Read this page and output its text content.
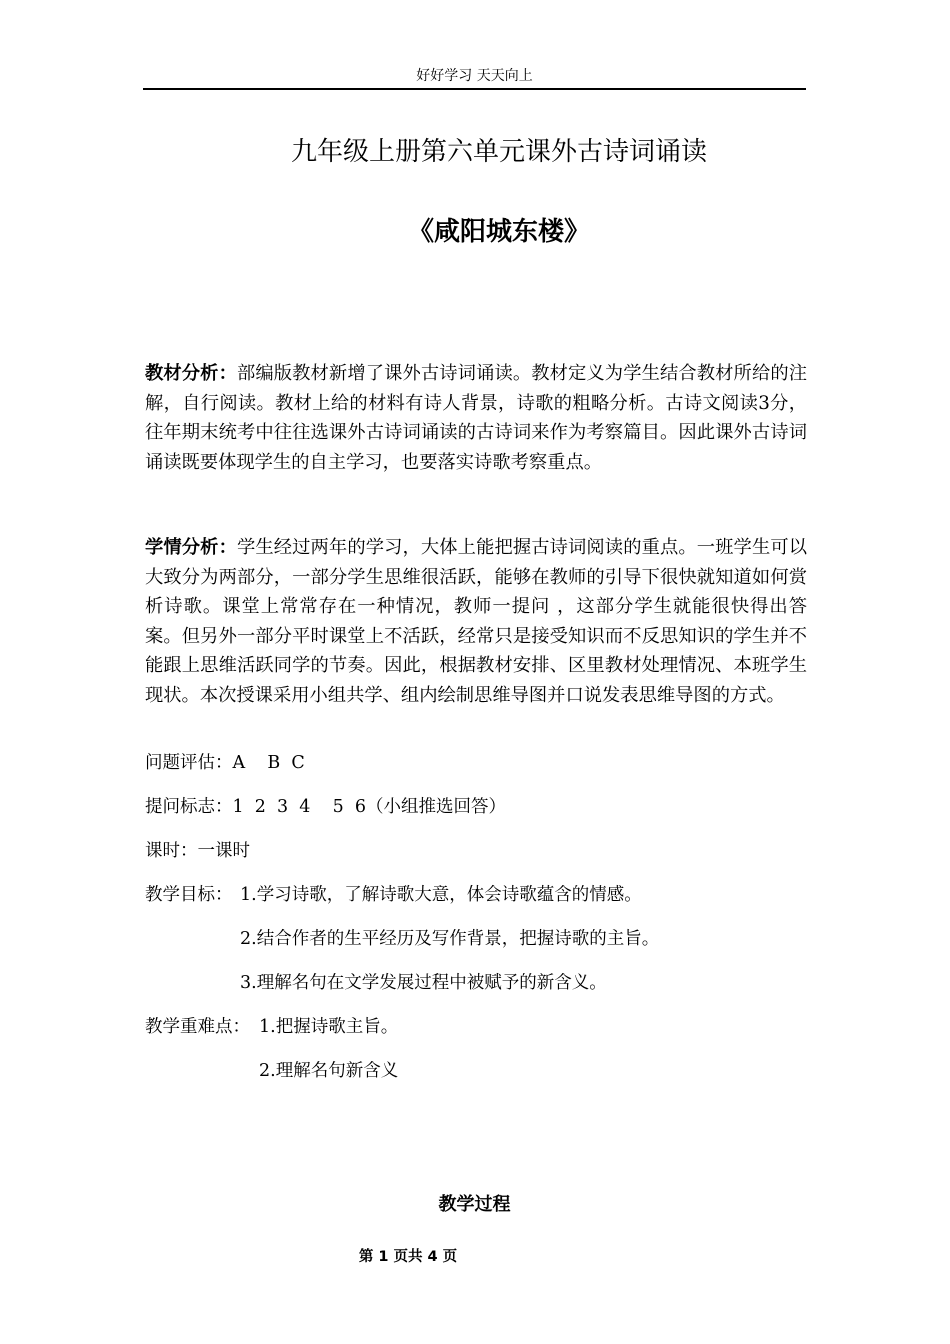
好好学习 天天向上
九年级上册第六单元课外古诗词诵读
《咸阳城东楼》
教材分析：部编版教材新增了课外古诗词诵读。教材定义为学生结合教材所给的注解，自行阅读。教材上给的材料有诗人背景，诗歌的粗略分析。古诗文阅读3分，往年期末统考中往往选课外古诗词诵读的古诗词来作为考察篇目。因此课外古诗词诵读既要体现学生的自主学习，也要落实诗歌考察重点。
学情分析：学生经过两年的学习，大体上能把握古诗词阅读的重点。一班学生可以大致分为两部分，一部分学生思维很活跃，能够在教师的引导下很快就知道如何赏析诗歌。课堂上常常存在一种情况，教师一提问 ，这部分学生就能很快得出答案。但另外一部分平时课堂上不活跃，经常只是接受知识而不反思知识的学生并不能跟上思维活跃同学的节奏。因此，根据教材安排、区里教材处理情况、本班学生现状。本次授课采用小组共学、组内绘制思维导图并口说发表思维导图的方式。
问题评估：A    B  C
提问标志：1  2  3  4    5  6（小组推选回答）
课时：一课时
教学目标： 1.学习诗歌，了解诗歌大意，体会诗歌蕴含的情感。
2.结合作者的生平经历及写作背景，把握诗歌的主旨。
3.理解名句在文学发展过程中被赋予的新含义。
教学重难点： 1.把握诗歌主旨。
2.理解名句新含义
教学过程
第 1 页共 4 页
